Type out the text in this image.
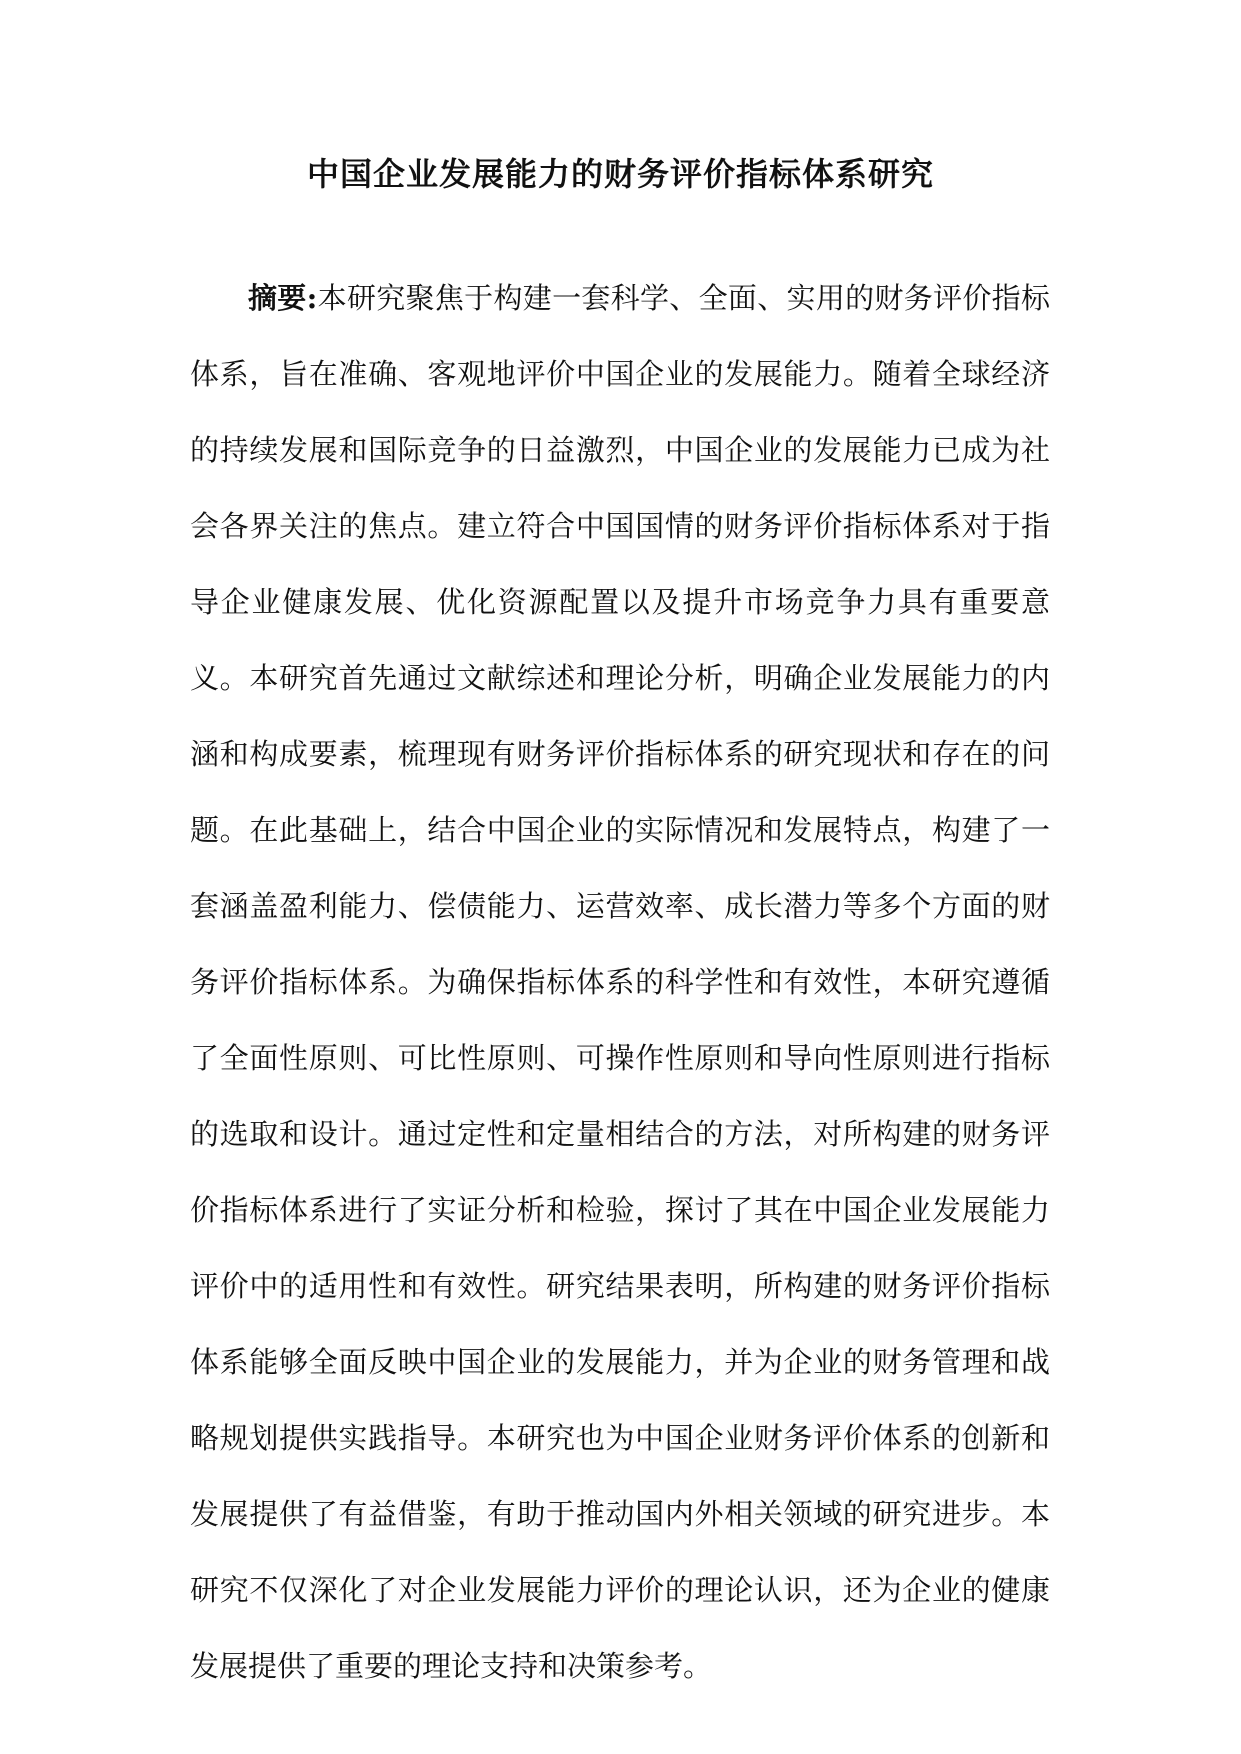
中国企业发展能力的财务评价指标体系研究

摘要:本研究聚焦于构建一套科学、全面、实用的财务评价指标体系，旨在准确、客观地评价中国企业的发展能力。随着全球经济的持续发展和国际竞争的日益激烈，中国企业的发展能力已成为社会各界关注的焦点。建立符合中国国情的财务评价指标体系对于指导企业健康发展、优化资源配置以及提升市场竞争力具有重要意义。本研究首先通过文献综述和理论分析，明确企业发展能力的内涵和构成要素，梳理现有财务评价指标体系的研究现状和存在的问题。在此基础上，结合中国企业的实际情况和发展特点，构建了一套涵盖盈利能力、偿债能力、运营效率、成长潜力等多个方面的财务评价指标体系。为确保指标体系的科学性和有效性，本研究遵循了全面性原则、可比性原则、可操作性原则和导向性原则进行指标的选取和设计。通过定性和定量相结合的方法，对所构建的财务评价指标体系进行了实证分析和检验，探讨了其在中国企业发展能力评价中的适用性和有效性。研究结果表明，所构建的财务评价指标体系能够全面反映中国企业的发展能力，并为企业的财务管理和战略规划提供实践指导。本研究也为中国企业财务评价体系的创新和发展提供了有益借鉴，有助于推动国内外相关领域的研究进步。本研究不仅深化了对企业发展能力评价的理论认识，还为企业的健康发展提供了重要的理论支持和决策参考。
